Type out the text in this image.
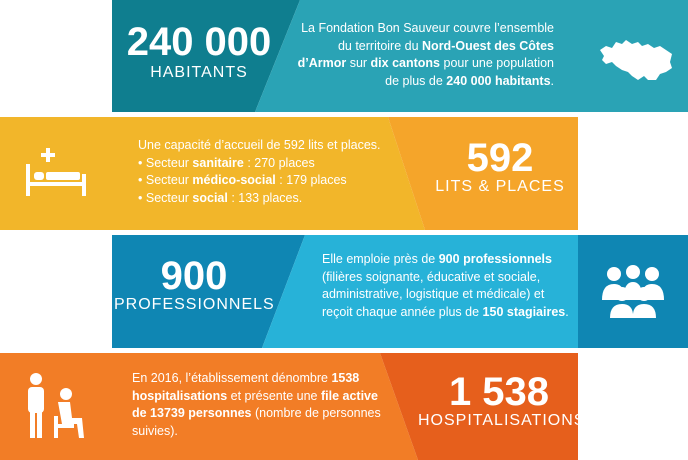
240 000
HABITANTS
La Fondation Bon Sauveur couvre l’ensemble du territoire du Nord-Ouest des Côtes d’Armor sur dix cantons pour une population de plus de 240 000 habitants.
Une capacité d’accueil de 592 lits et places.
• Secteur sanitaire : 270 places
• Secteur médico-social : 179 places
• Secteur social : 133 places.
592
LITS & PLACES
900
PROFESSIONNELS
Elle emploie près de 900 professionnels (filières soignante, éducative et sociale, administrative, logistique et médicale) et reçoit chaque année plus de 150 stagiaires.
En 2016, l’établissement dénombre 1538 hospitalisations et présente une file active de 13739 personnes (nombre de personnes suivies).
1 538
HOSPITALISATIONS
